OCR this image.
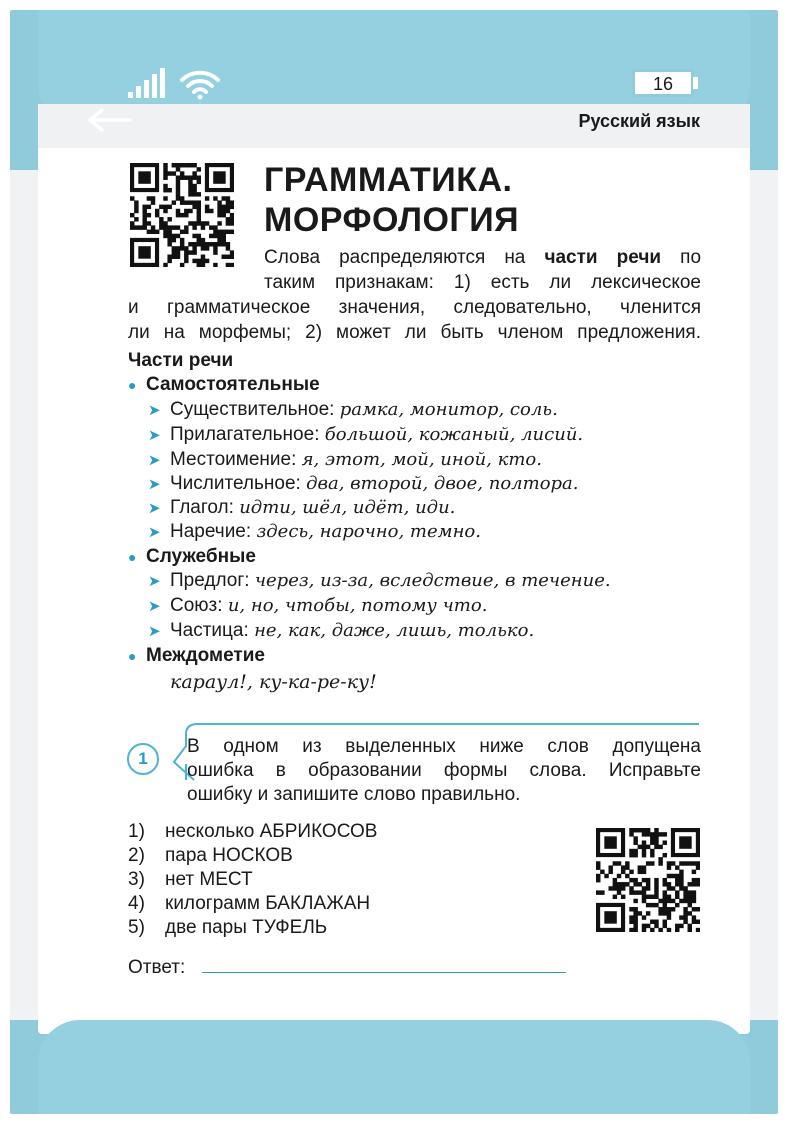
16
Русский язык
ГРАММАТИКА.
МОРФОЛОГИЯ
Слова распределяются на части речи по
таким признакам: 1) есть ли лексическое
и грамматическое значения, следовательно, членится
ли на морфемы; 2) может ли быть членом предложения.
Части речи
● Самостоятельные
➤ Существительное: рамка, монитор, соль.
➤ Прилагательное: большой, кожаный, лисий.
➤ Местоимение: я, этот, мой, иной, кто.
➤ Числительное: два, второй, двое, полтора.
➤ Глагол: идти, шёл, идёт, иди.
➤ Наречие: здесь, нарочно, темно.
● Служебные
➤ Предлог: через, из-за, вследствие, в течение.
➤ Союз: и, но, чтобы, потому что.
➤ Частица: не, как, даже, лишь, только.
● Междометие
караул!, ку-ка-ре-ку!
1
В одном из выделенных ниже слов допущена
ошибка в образовании формы слова. Исправьте
ошибку и запишите слово правильно.
1) несколько АБРИКОСОВ
2) пара НОСКОВ
3) нет МЕСТ
4) килограмм БАКЛАЖАН
5) две пары ТУФЕЛЬ
Ответ:
